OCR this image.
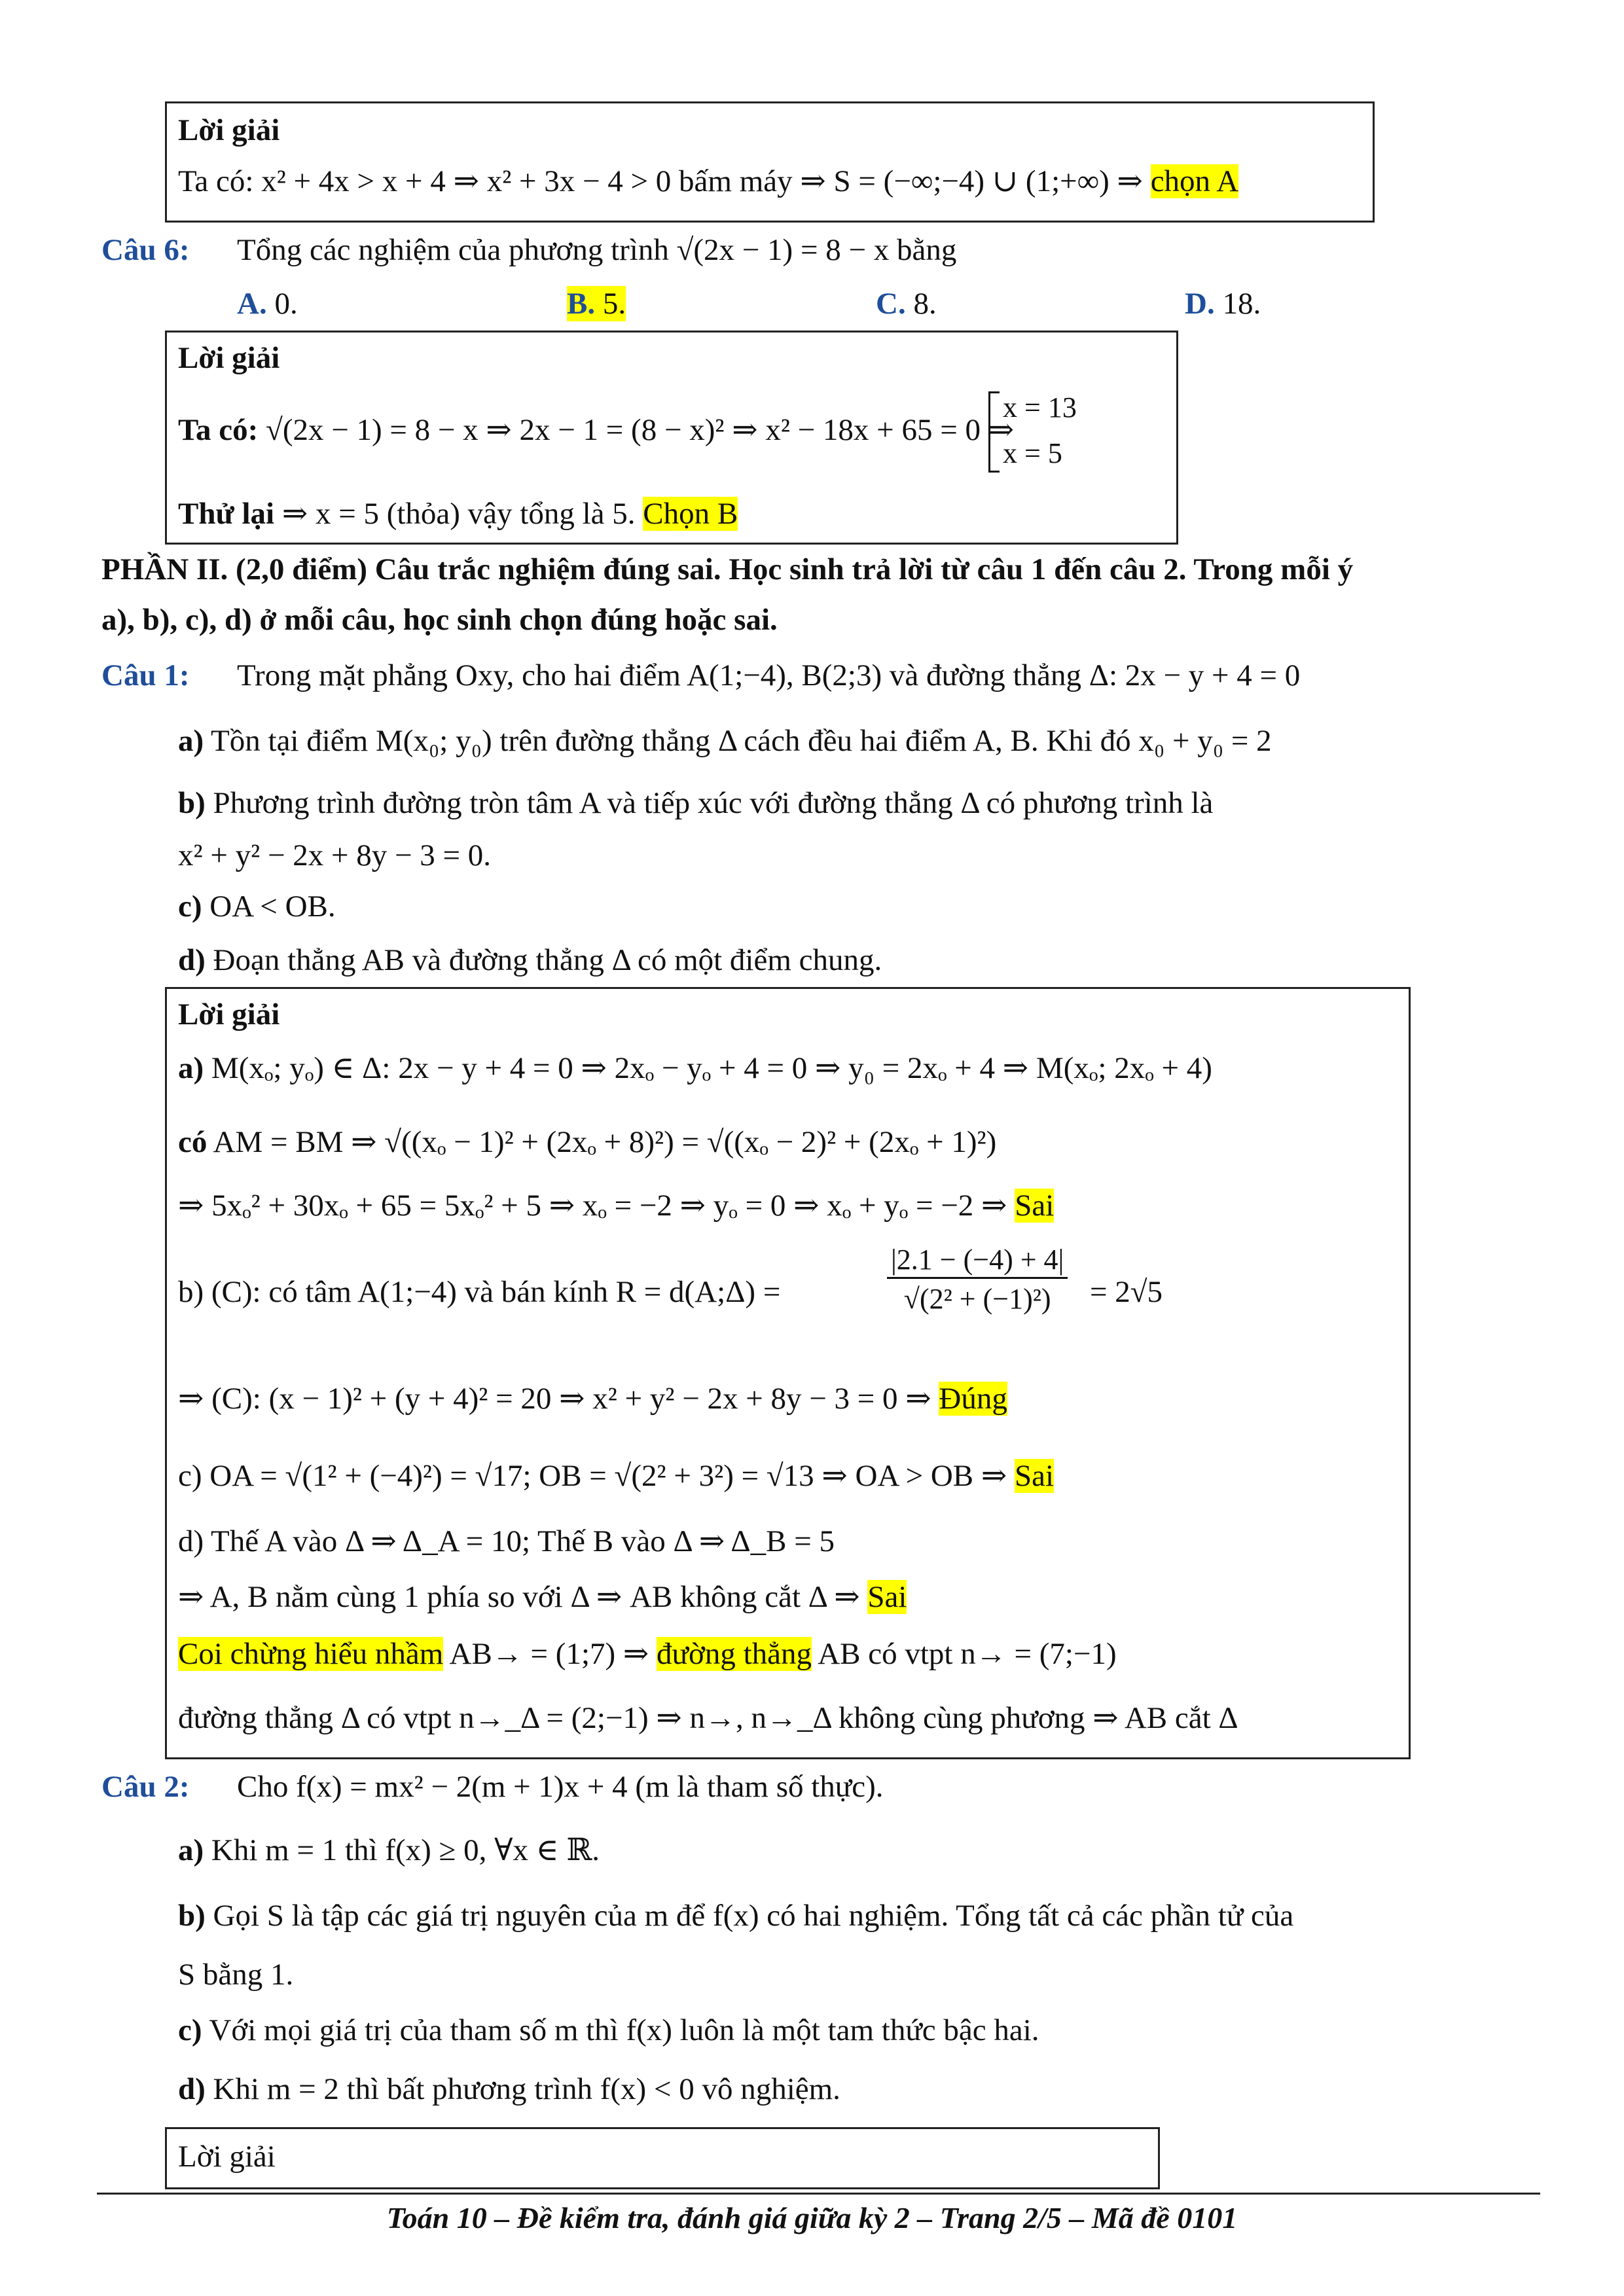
Lời giải
Ta có: x² + 4x > x + 4 ⇒ x² + 3x − 4 > 0 bấm máy ⇒ S = (−∞;−4) ∪ (1;+∞) ⇒ chọn A
Câu 6: Tổng các nghiệm của phương trình √(2x − 1) = 8 − x bằng
A. 0.	B. 5.	C. 8.	D. 18.
Lời giải
Ta có: √(2x − 1) = 8 − x ⇒ 2x − 1 = (8 − x)² ⇒ x² − 18x + 65 = 0 ⇒
x = 13
x = 5
Thử lại ⇒ x = 5 (thỏa) vậy tổng là 5. Chọn B
PHẦN II. (2,0 điểm) Câu trắc nghiệm đúng sai. Học sinh trả lời từ câu 1 đến câu 2. Trong mỗi ý
a), b), c), d) ở mỗi câu, học sinh chọn đúng hoặc sai.
Câu 1: Trong mặt phẳng Oxy, cho hai điểm A(1;−4), B(2;3) và đường thẳng Δ: 2x − y + 4 = 0
a) Tồn tại điểm M(x₀; y₀) trên đường thẳng Δ cách đều hai điểm A, B. Khi đó x₀ + y₀ = 2
b) Phương trình đường tròn tâm A và tiếp xúc với đường thẳng Δ có phương trình là
x² + y² − 2x + 8y − 3 = 0.
c) OA < OB.
d) Đoạn thẳng AB và đường thẳng Δ có một điểm chung.
Lời giải
a) M(xₒ; yₒ) ∈ Δ: 2x − y + 4 = 0 ⇒ 2xₒ − yₒ + 4 = 0 ⇒ y₀ = 2xₒ + 4 ⇒ M(xₒ; 2xₒ + 4)
có AM = BM ⇒ √((xₒ − 1)² + (2xₒ + 8)²) = √((xₒ − 2)² + (2xₒ + 1)²)
⇒ 5xₒ² + 30xₒ + 65 = 5xₒ² + 5 ⇒ xₒ = −2 ⇒ yₒ = 0 ⇒ xₒ + yₒ = −2 ⇒ Sai
b) (C): có tâm A(1;−4) và bán kính R = d(A;Δ) =	$\frac{|2.1 - (-4) + 4|}{\text{√(2² + (−1)²)}} = 2√5$
⇒ (C): (x − 1)² + (y + 4)² = 20 ⇒ x² + y² − 2x + 8y − 3 = 0 ⇒ Đúng
c) OA = √(1² + (−4)²) = √17; OB = √(2² + 3²) = √13 ⇒ OA > OB ⇒ Sai
d) Thế A vào Δ ⇒ Δ_A = 10; Thế B vào Δ ⇒ Δ_B = 5
⇒ A, B nằm cùng 1 phía so với Δ ⇒ AB không cắt Δ ⇒ Sai
Coi chừng hiểu nhầm AB→ = (1;7) ⇒ đường thẳng AB có vtpt n→ = (7;−1)
đường thẳng Δ có vtpt n→_Δ = (2;−1) ⇒ n→, n→_Δ không cùng phương ⇒ AB cắt Δ
Câu 2: Cho f(x) = mx² − 2(m + 1)x + 4 (m là tham số thực).
a) Khi m = 1 thì f(x) ≥ 0, ∀x ∈ ℝ.
b) Gọi S là tập các giá trị nguyên của m để f(x) có hai nghiệm. Tổng tất cả các phần tử của
S bằng 1.
c) Với mọi giá trị của tham số m thì f(x) luôn là một tam thức bậc hai.
d) Khi m = 2 thì bất phương trình f(x) < 0 vô nghiệm.
Lời giải
Toán 10 – Đề kiểm tra, đánh giá giữa kỳ 2 – Trang 2/5 – Mã đề 0101
